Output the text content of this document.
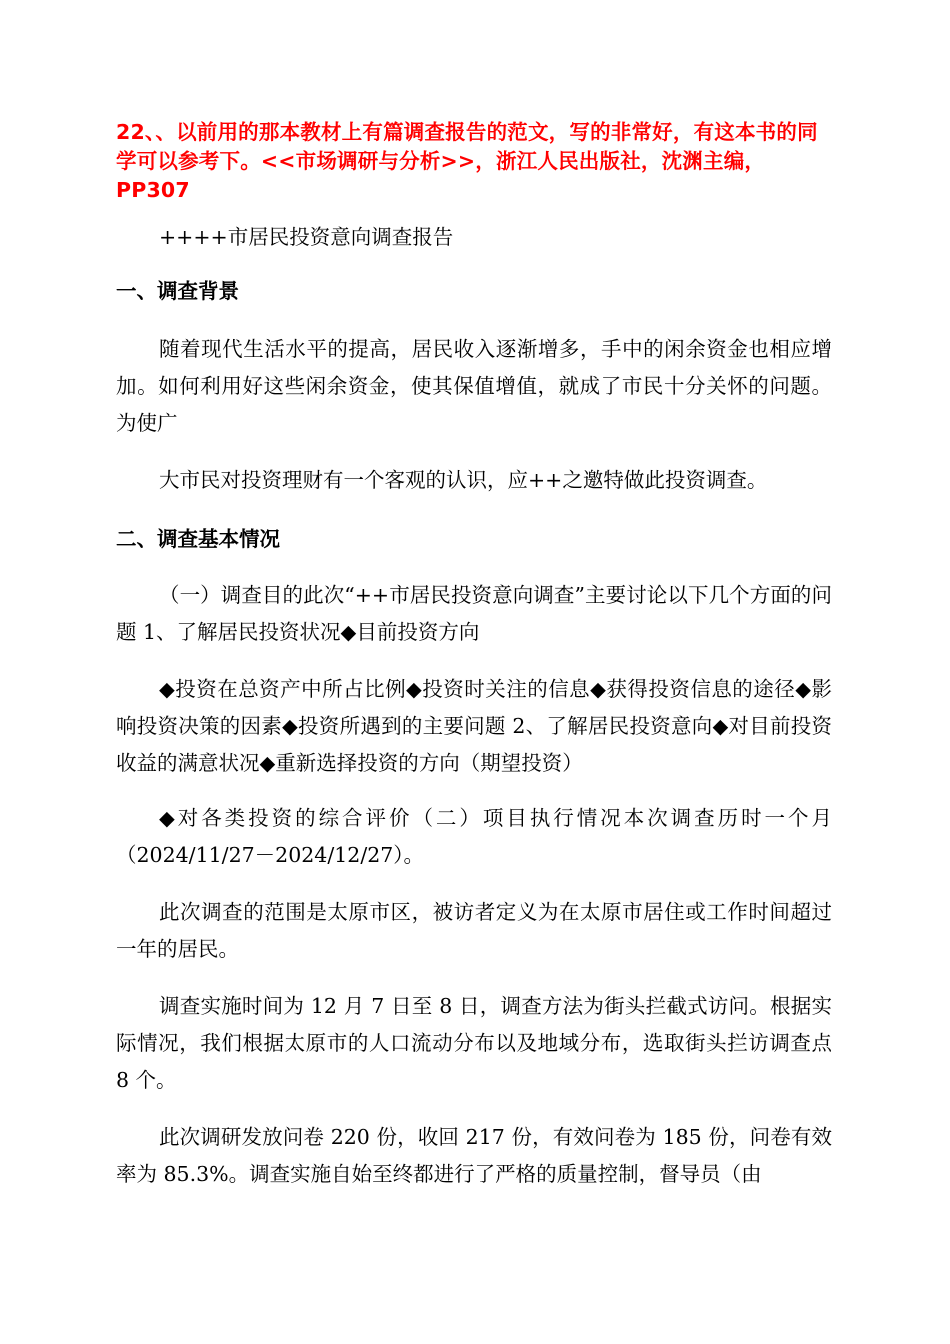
22、、以前用的那本教材上有篇调查报告的范文，写的非常好，有这本书的同学可以参考下。<<市场调研与分析>>，浙江人民出版社，沈渊主编，PP307

++++市居民投资意向调查报告

一、调查背景

随着现代生活水平的提高，居民收入逐渐增多，手中的闲余资金也相应增加。如何利用好这些闲余资金，使其保值增值，就成了市民十分关怀的问题。为使广

大市民对投资理财有一个客观的认识，应++之邀特做此投资调查。

二、调查基本情况

（一）调查目的此次“++市居民投资意向调查”主要讨论以下几个方面的问题 1、了解居民投资状况◆目前投资方向

◆投资在总资产中所占比例◆投资时关注的信息◆获得投资信息的途径◆影响投资决策的因素◆投资所遇到的主要问题 2、了解居民投资意向◆对目前投资收益的满意状况◆重新选择投资的方向（期望投资）

◆对各类投资的综合评价（二）项目执行情况本次调查历时一个月（2024/11/27－2024/12/27）。

此次调查的范围是太原市区，被访者定义为在太原市居住或工作时间超过一年的居民。

调查实施时间为 12 月 7 日至 8 日，调查方法为街头拦截式访问。根据实际情况，我们根据太原市的人口流动分布以及地域分布，选取街头拦访调查点 8 个。

此次调研发放问卷 220 份，收回 217 份，有效问卷为 185 份，问卷有效率为 85.3%。调查实施自始至终都进行了严格的质量控制，督导员（由
